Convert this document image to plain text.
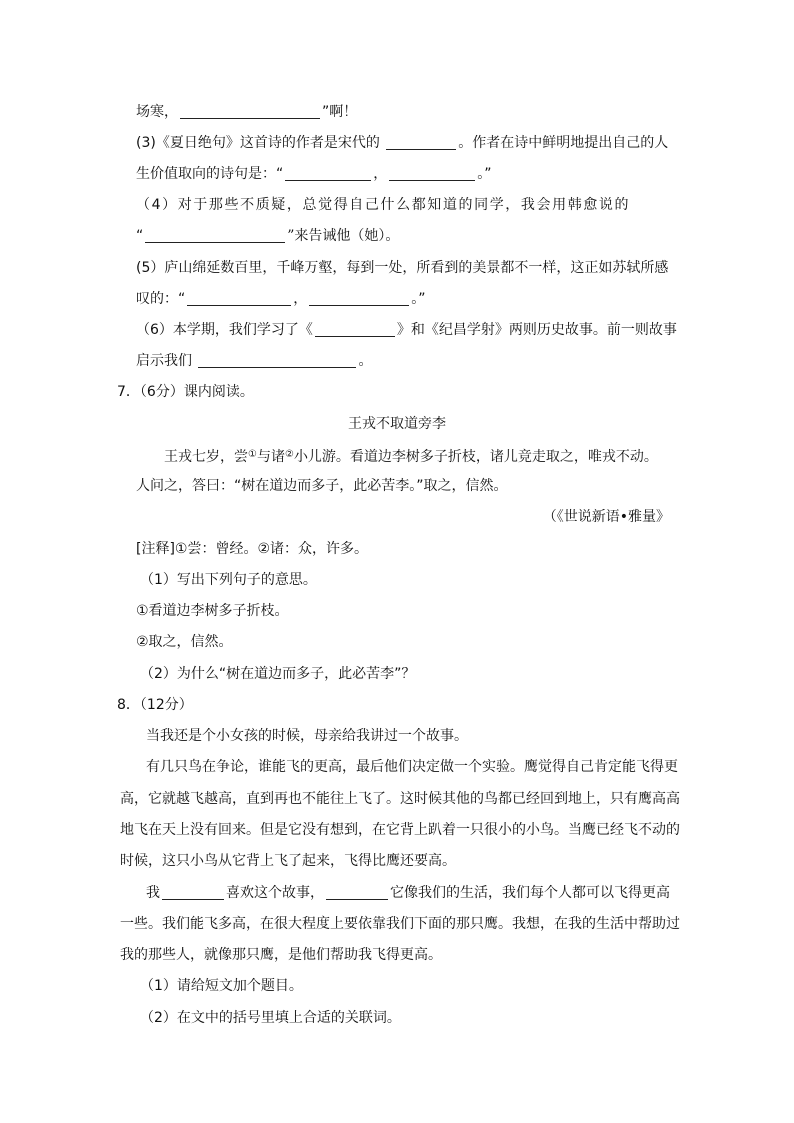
场寒，	”啊！
(3)《夏日绝句》这首诗的作者是宋代的	。作者在诗中鲜明地提出自己的人
生价值取向的诗句是：“	，	。”
（4）对于那些不质疑，总觉得自己什么都知道的同学，我会用韩愈说的
“	”来告诫他（她）。
(5）庐山绵延数百里，千峰万壑，每到一处，所看到的美景都不一样，这正如苏轼所感
叹的：“	，	。”
（6）本学期，我们学习了《	》和《纪昌学射》两则历史故事。前一则故事
启示我们	。
7．（6分）课内阅读。
王戎不取道旁李
王戎七岁，尝①与诸②小儿游。看道边李树多子折枝，诸儿竞走取之，唯戎不动。
人问之，答曰：“树在道边而多子，此必苦李。”取之，信然。
（《世说新语•雅量》
[注释]①尝：曾经。②诸：众，许多。
（1）写出下列句子的意思。
①看道边李树多子折枝。
②取之，信然。
（2）为什么“树在道边而多子，此必苦李”？
8．（12分）
当我还是个小女孩的时候，母亲给我讲过一个故事。
有几只鸟在争论，谁能飞的更高，最后他们决定做一个实验。鹰觉得自己肯定能飞得更
高，它就越飞越高，直到再也不能往上飞了。这时候其他的鸟都已经回到地上，只有鹰高高
地飞在天上没有回来。但是它没有想到，在它背上趴着一只很小的小鸟。当鹰已经飞不动的
时候，这只小鸟从它背上飞了起来，飞得比鹰还要高。
我	喜欢这个故事，	它像我们的生活，我们每个人都可以飞得更高
一些。我们能飞多高，在很大程度上要依靠我们下面的那只鹰。我想，在我的生活中帮助过
我的那些人，就像那只鹰，是他们帮助我飞得更高。
（1）请给短文加个题目。
（2）在文中的括号里填上合适的关联词。
